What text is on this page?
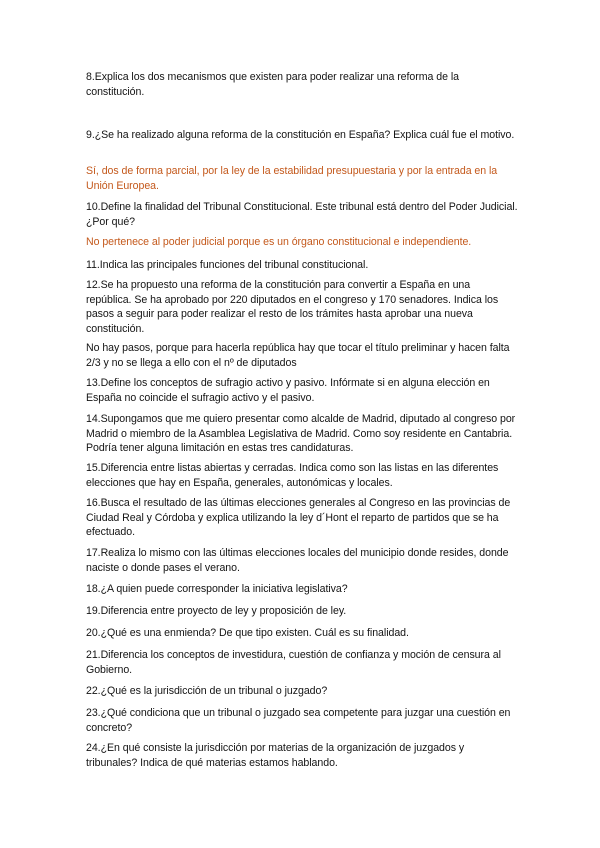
8.Explica los dos mecanismos que existen para poder realizar una reforma de la constitución.

9.¿Se ha realizado alguna reforma de la constitución en España? Explica cuál fue el motivo.

Sí, dos de forma parcial, por la ley de la estabilidad presupuestaria y por la entrada en la Unión Europea.

10.Define la finalidad del Tribunal Constitucional. Este tribunal está dentro del Poder Judicial. ¿Por qué?

No pertenece al poder judicial porque es un órgano constitucional e independiente.

11.Indica las principales funciones del tribunal constitucional.

12.Se ha propuesto una reforma de la constitución para convertir a España en una república. Se ha aprobado por 220 diputados en el congreso y 170 senadores. Indica los pasos a seguir para poder realizar el resto de los trámites hasta aprobar una nueva constitución.

No hay pasos, porque para hacerla república hay que tocar el título preliminar y hacen falta 2/3 y no se llega a ello con el nº de diputados

13.Define los conceptos de sufragio activo y pasivo. Infórmate si en alguna elección en España no coincide el sufragio activo y el pasivo.

14.Supongamos que me quiero presentar como alcalde de Madrid, diputado al congreso por Madrid o miembro de la Asamblea Legislativa de Madrid. Como soy residente en Cantabria. Podría tener alguna limitación en estas tres candidaturas.

15.Diferencia entre listas abiertas y cerradas. Indica como son las listas en las diferentes elecciones que hay en España, generales, autonómicas y locales.

16.Busca el resultado de las últimas elecciones generales al Congreso en las provincias de Ciudad Real y Córdoba y explica utilizando la ley d´Hont el reparto de partidos que se ha efectuado.

17.Realiza lo mismo con las últimas elecciones locales del municipio donde resides, donde naciste o donde pases el verano.

18.¿A quien puede corresponder la iniciativa legislativa?

19.Diferencia entre proyecto de ley y proposición de ley.

20.¿Qué es una enmienda? De que tipo existen. Cuál es su finalidad.

21.Diferencia los conceptos de investidura, cuestión de confianza y moción de censura al Gobierno.

22.¿Qué es la jurisdicción de un tribunal o juzgado?

23.¿Qué condiciona que un tribunal o juzgado sea competente para juzgar una cuestión en concreto?

24.¿En qué consiste la jurisdicción por materias de la organización de juzgados y tribunales? Indica de qué materias estamos hablando.
